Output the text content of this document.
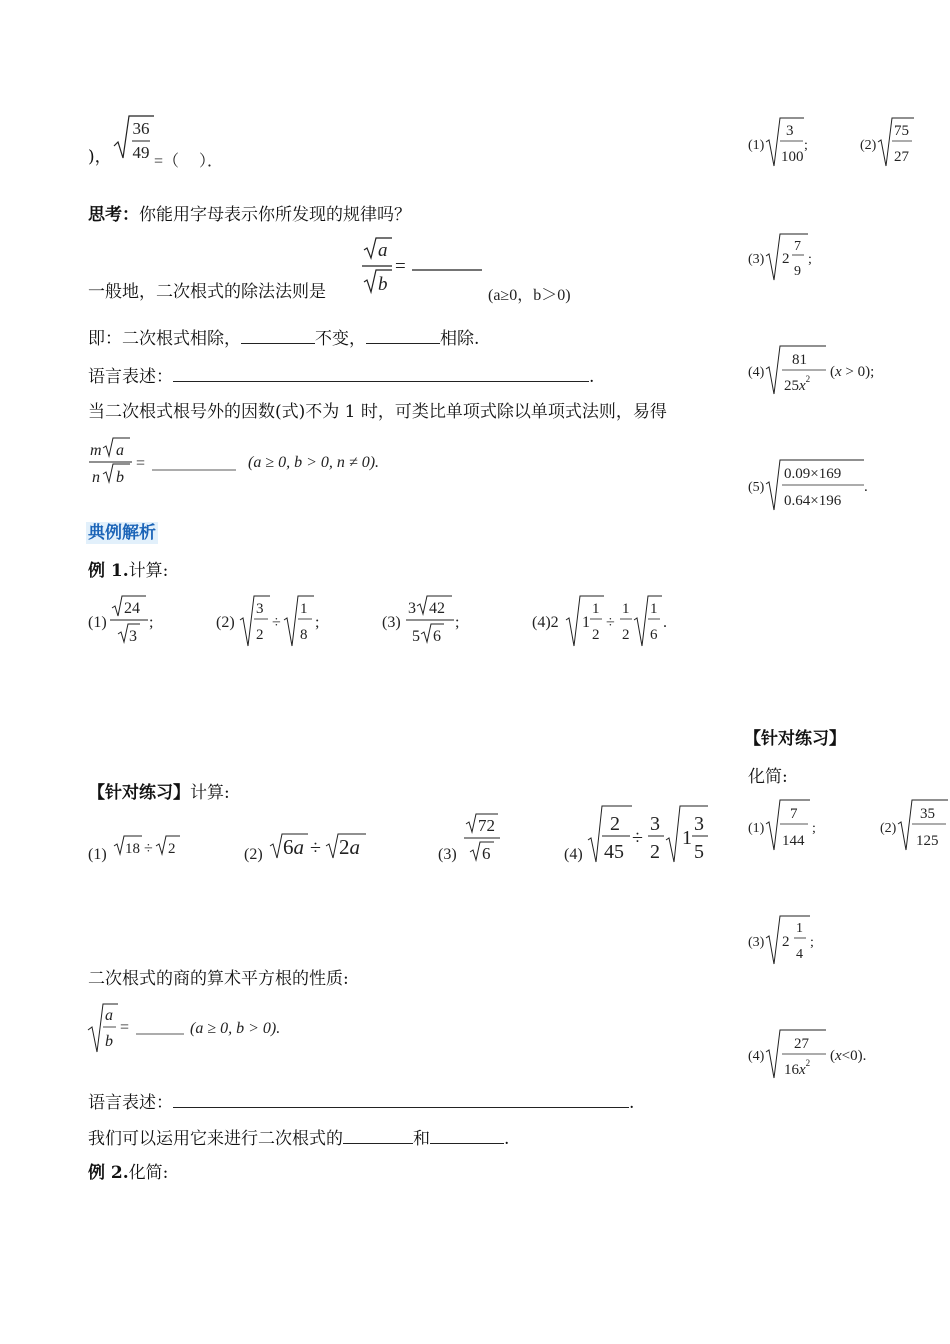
)，
36
49 =（　 ）．
思考：你能用字母表示你所发现的规律吗？
一般地，二次根式的除法法则是
a
b
=
(a≥0，b＞0)
即：二次根式相除，	不变，	相除.
语言表述：	.
当二次根式根号外的因数(式)不为 1 时，可类比单项式除以单项式法则，易得
m a
n b
=	(a ≥ 0, b > 0, n ≠ 0).
典例解析
例 1.计算:
(1)
24
3
;	(2)
3
2
÷
1
8
;	(3)
3 42
5 6
;	(4)2 1
1
2
÷
1
2
1
6
.
【针对练习】计算:
(1) 18 ÷ 2	(2) 6a ÷ 2a	(3)
72
6	(4)
2
45
÷
3
2
1
3
5
二次根式的商的算术平方根的性质:
a
b
=	(a ≥ 0, b > 0).
语言表述：	.
我们可以运用它来进行二次根式的	和	.
例 2.化简:
(1)
3
100
;	(2)
75
27
(3) 2
7
9
;
(4)
81
$25x^2$ (x > 0);
(5)
0.09×169
0.64×196
.
【针对练习】
化简:
(1)
7
144
;	(2)
35
125
(3) 2
1
4
;
(4)
27
$16x^2$ (x<0).
